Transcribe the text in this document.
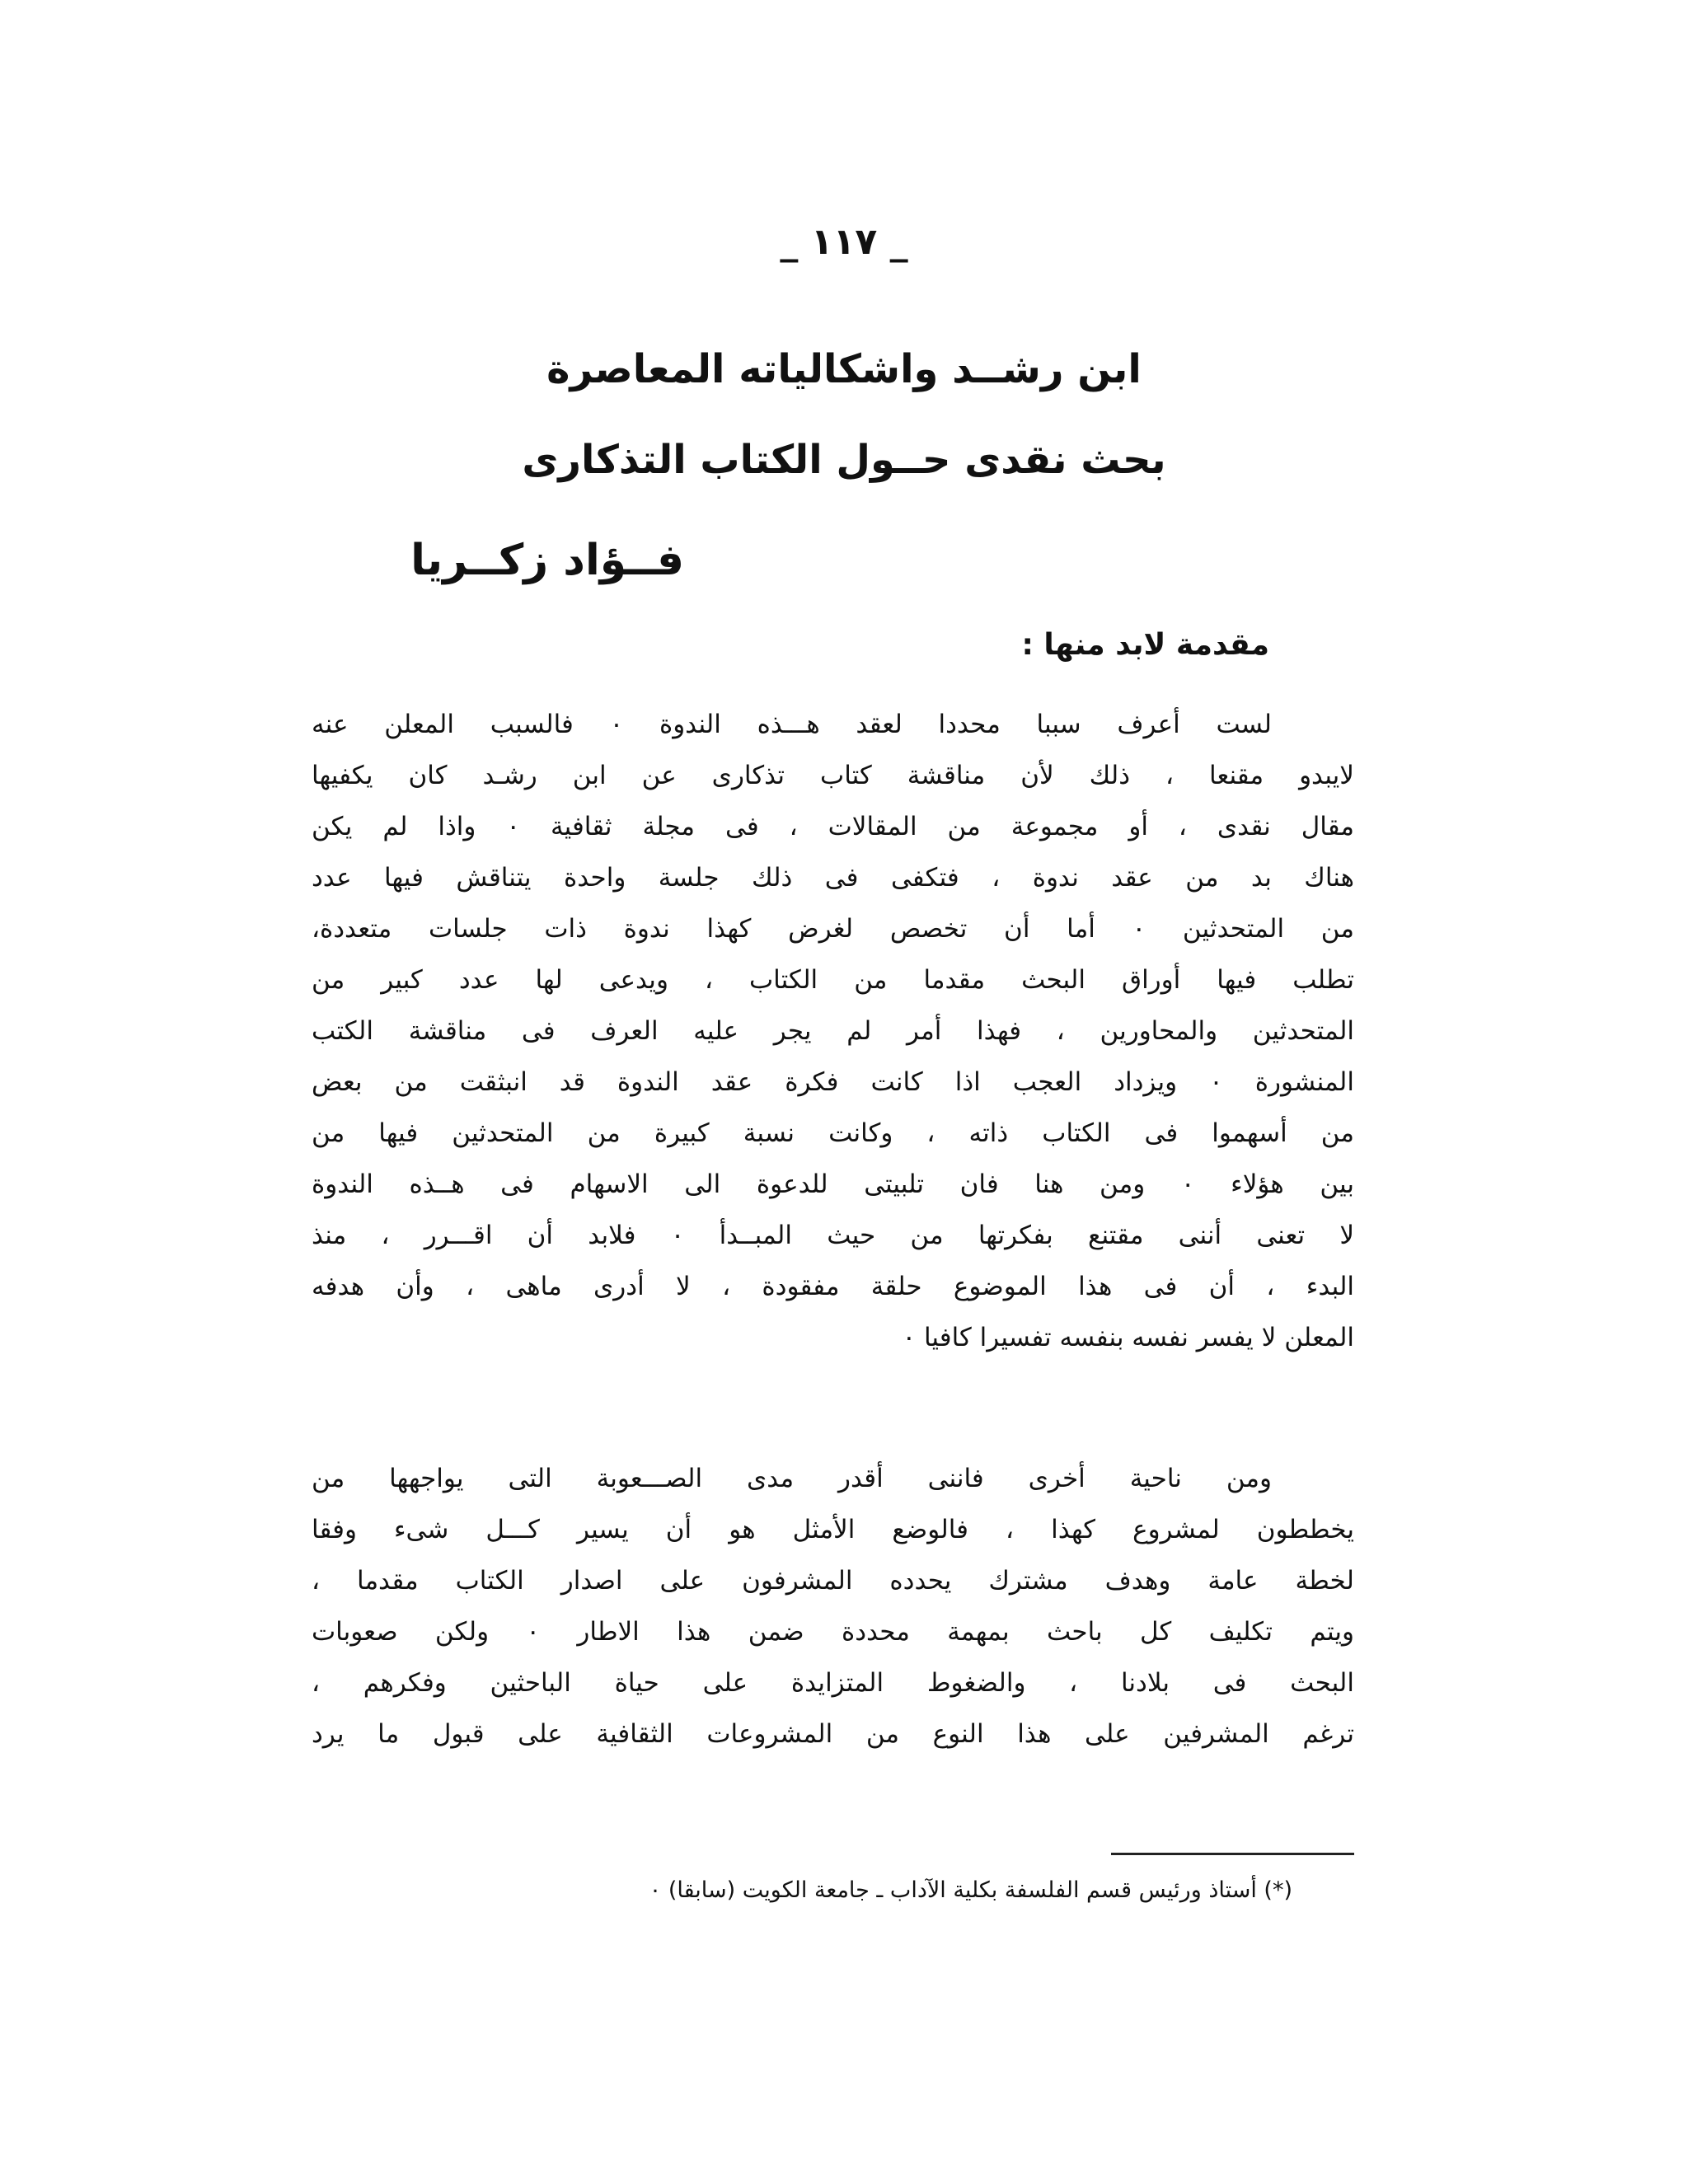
_ ١١٧ _
ابن رشــد واشكالياته المعاصرة
بحث نقدى حــول الكتاب التذكارى
فــؤاد زكــريا
مقدمة لابد منها :
لست أعرف سببا محددا لعقد هـــذه الندوة ٠ فالسبب المعلن عنه
لايبدو مقنعا ، ذلك لأن مناقشة كتاب تذكارى عن ابن رشـد كان يكفيها
مقال نقدى ، أو مجموعة من المقالات ، فى مجلة ثقافية ٠ واذا لم يكن
هناك بد من عقد ندوة ، فتكفى فى ذلك جلسة واحدة يتناقش فيها عدد
من المتحدثين ٠ أما أن تخصص لغرض كهذا ندوة ذات جلسات متعددة،
تطلب فيها أوراق البحث مقدما من الكتاب ، ويدعى لها عدد كبير من
المتحدثين والمحاورين ، فهذا أمر لم يجر عليه العرف فى مناقشة الكتب
المنشورة ٠ ويزداد العجب اذا كانت فكرة عقد الندوة قد انبثقت من بعض
من أسهموا فى الكتاب ذاته ، وكانت نسبة كبيرة من المتحدثين فيها من
بين هؤلاء ٠ ومن هنا فان تلبيتى للدعوة الى الاسهام فى هــذه الندوة
لا تعنى أننى مقتنع بفكرتها من حيث المبــدأ ٠ فلابد أن اقـــرر ، منذ
البدء ، أن فى هذا الموضوع حلقة مفقودة ، لا أدرى ماهى ، وأن هدفه
المعلن لا يفسر نفسه بنفسه تفسيرا كافيا ٠
ومن ناحية أخرى فاننى أقدر مدى الصـــعوبة التى يواجهها من
يخططون لمشروع كهذا ، فالوضع الأمثل هو أن يسير كـــل شىء وفقا
لخطة عامة وهدف مشترك يحدده المشرفون على اصدار الكتاب مقدما ،
ويتم تكليف كل باحث بمهمة محددة ضمن هذا الاطار ٠ ولكن صعوبات
البحث فى بلادنا ، والضغوط المتزايدة على حياة الباحثين وفكرهم ،
ترغم المشرفين على هذا النوع من المشروعات الثقافية على قبول ما يرد
(*) أستاذ ورئيس قسم الفلسفة بكلية الآداب ـ جامعة الكويت (سابقا) ٠
